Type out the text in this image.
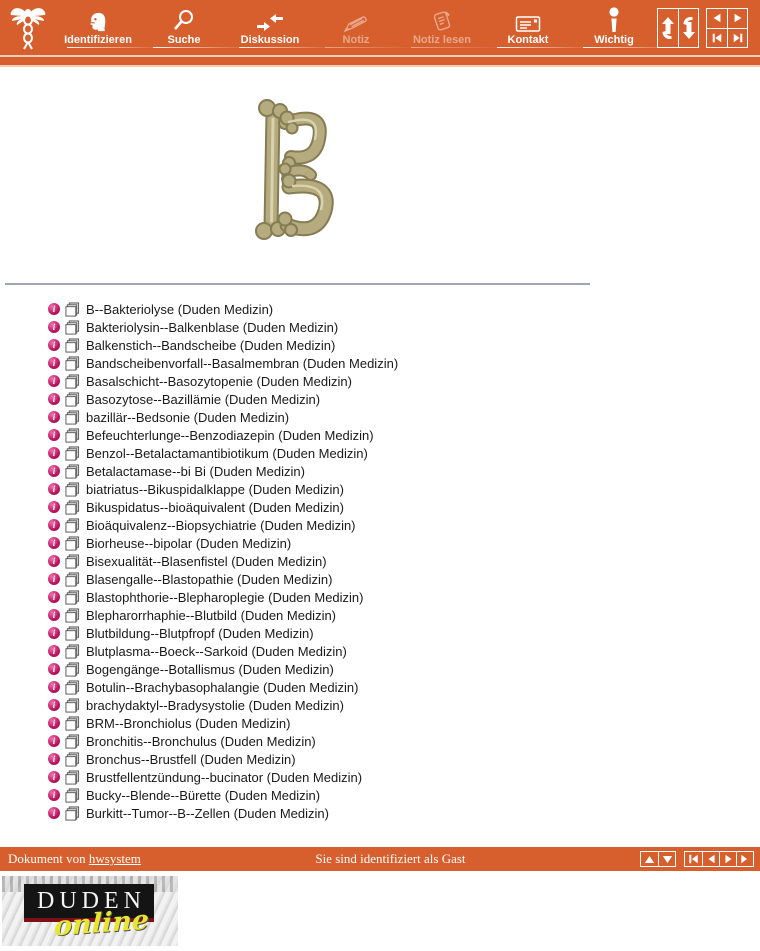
Identifizieren	Suche	Diskussion	Notiz	Notiz lesen	Kontakt	Wichtig
i	B--Bakteriolyse (Duden Medizin)
i	Bakteriolysin--Balkenblase (Duden Medizin)
i	Balkenstich--Bandscheibe (Duden Medizin)
i	Bandscheibenvorfall--Basalmembran (Duden Medizin)
i	Basalschicht--Basozytopenie (Duden Medizin)
i	Basozytose--Bazillämie (Duden Medizin)
i	bazillär--Bedsonie (Duden Medizin)
i	Befeuchterlunge--Benzodiazepin (Duden Medizin)
i	Benzol--Betalactamantibiotikum (Duden Medizin)
i	Betalactamase--bi Bi (Duden Medizin)
i	biatriatus--Bikuspidalklappe (Duden Medizin)
i	Bikuspidatus--bioäquivalent (Duden Medizin)
i	Bioäquivalenz--Biopsychiatrie (Duden Medizin)
i	Biorheuse--bipolar (Duden Medizin)
i	Bisexualität--Blasenfistel (Duden Medizin)
i	Blasengalle--Blastopathie (Duden Medizin)
i	Blastophthorie--Blepharoplegie (Duden Medizin)
i	Blepharorrhaphie--Blutbild (Duden Medizin)
i	Blutbildung--Blutpfropf (Duden Medizin)
i	Blutplasma--Boeck--Sarkoid (Duden Medizin)
i	Bogengänge--Botallismus (Duden Medizin)
i	Botulin--Brachybasophalangie (Duden Medizin)
i	brachydaktyl--Bradysystolie (Duden Medizin)
i	BRM--Bronchiolus (Duden Medizin)
i	Bronchitis--Bronchulus (Duden Medizin)
i	Bronchus--Brustfell (Duden Medizin)
i	Brustfellentzündung--bucinator (Duden Medizin)
i	Bucky--Blende--Bürette (Duden Medizin)
i	Burkitt--Tumor--B--Zellen (Duden Medizin)
Dokument von hwsystem	Sie sind identifiziert als Gast
DUDEN
online
